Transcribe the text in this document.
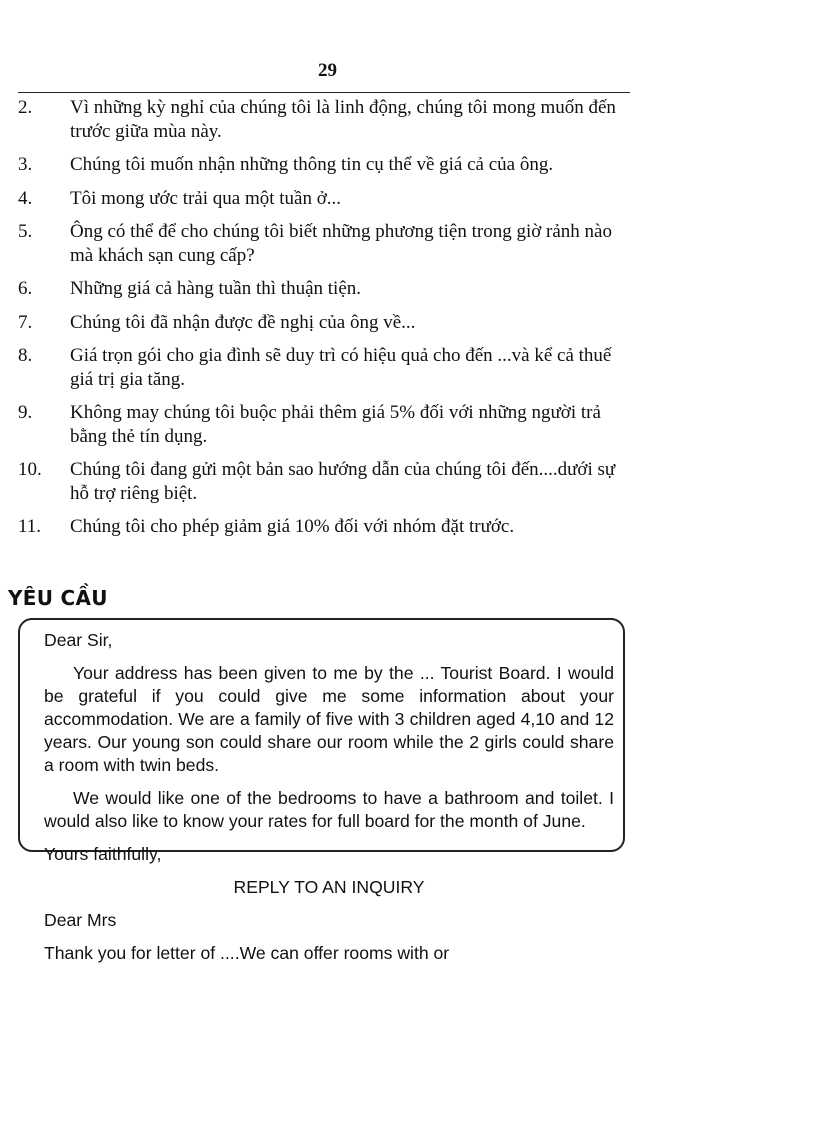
29
2.	Vì những kỳ nghỉ của chúng tôi là linh động, chúng tôi mong muốn đến trước giữa mùa này.
3.	Chúng tôi muốn nhận những thông tin cụ thể về giá cả của ông.
4.	Tôi mong ước trải qua một tuần ở...
5.	Ông có thể để cho chúng tôi biết những phương tiện trong giờ rảnh nào mà khách sạn cung cấp?
6.	Những giá cả hàng tuần thì thuận tiện.
7.	Chúng tôi đã nhận được đề nghị của ông về...
8.	Giá trọn gói cho gia đình sẽ duy trì có hiệu quả cho đến ...và kể cả thuế giá trị gia tăng.
9.	Không may chúng tôi buộc phải thêm giá 5% đối với những người trả bằng thẻ tín dụng.
10.	Chúng tôi đang gửi một bản sao hướng dẫn của chúng tôi đến....dưới sự hỗ trợ riêng biệt.
11.	Chúng tôi cho phép giảm giá 10% đối với nhóm đặt trước.
YÊU CẦU

Dear Sir,

Your address has been given to me by the ... Tourist Board. I would be grateful if you could give me some information about your accommodation. We are a family of five with 3 children aged 4,10 and 12 years. Our young son could share our room while the 2 girls could share a room with twin beds.

We would like one of the bedrooms to have a bathroom and toilet. I would also like to know your rates for full board for the month of June.

Yours faithfully,

REPLY TO AN INQUIRY

Dear Mrs

Thank you for letter of ....We can offer rooms with or
